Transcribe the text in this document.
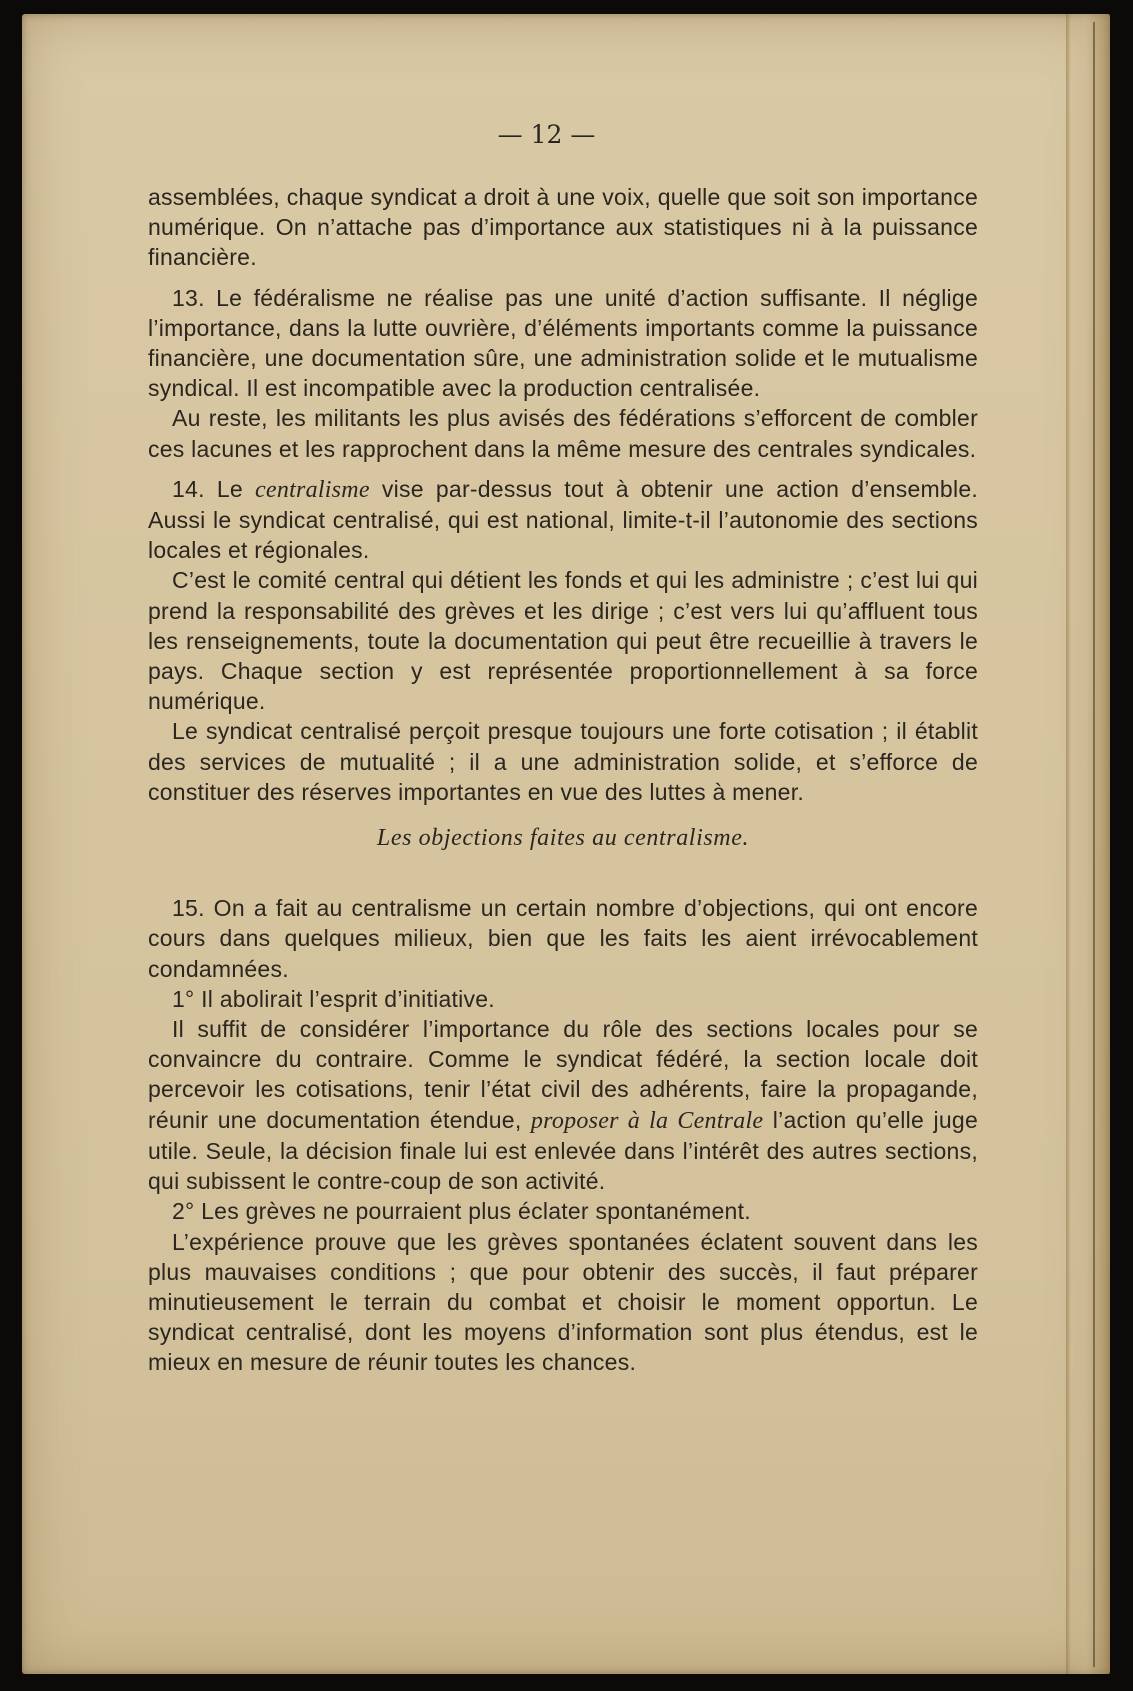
— 12 —

assemblées, chaque syndicat a droit à une voix, quelle que soit son importance numérique. On n’attache pas d’importance aux statistiques ni à la puissance financière.

13. Le fédéralisme ne réalise pas une unité d’action suffisante. Il néglige l’importance, dans la lutte ouvrière, d’éléments importants comme la puissance financière, une documentation sûre, une administration solide et le mutualisme syndical. Il est incompatible avec la production centralisée.

Au reste, les militants les plus avisés des fédérations s’efforcent de combler ces lacunes et les rapprochent dans la même mesure des centrales syndicales.

14. Le centralisme vise par-dessus tout à obtenir une action d’ensemble. Aussi le syndicat centralisé, qui est national, limite-t-il l’autonomie des sections locales et régionales.

C’est le comité central qui détient les fonds et qui les administre ; c’est lui qui prend la responsabilité des grèves et les dirige ; c’est vers lui qu’affluent tous les renseignements, toute la documentation qui peut être recueillie à travers le pays. Chaque section y est représentée proportionnellement à sa force numérique.

Le syndicat centralisé perçoit presque toujours une forte cotisation ; il établit des services de mutualité ; il a une administration solide, et s’efforce de constituer des réserves importantes en vue des luttes à mener.

Les objections faites au centralisme.

15. On a fait au centralisme un certain nombre d’objections, qui ont encore cours dans quelques milieux, bien que les faits les aient irrévocablement condamnées.

1° Il abolirait l’esprit d’initiative.

Il suffit de considérer l’importance du rôle des sections locales pour se convaincre du contraire. Comme le syndicat fédéré, la section locale doit percevoir les cotisations, tenir l’état civil des adhérents, faire la propagande, réunir une documentation étendue, proposer à la Centrale l’action qu’elle juge utile. Seule, la décision finale lui est enlevée dans l’intérêt des autres sections, qui subissent le contre-coup de son activité.

2° Les grèves ne pourraient plus éclater spontanément.

L’expérience prouve que les grèves spontanées éclatent souvent dans les plus mauvaises conditions ; que pour obtenir des succès, il faut préparer minutieusement le terrain du combat et choisir le moment opportun. Le syndicat centralisé, dont les moyens d’information sont plus étendus, est le mieux en mesure de réunir toutes les chances.
